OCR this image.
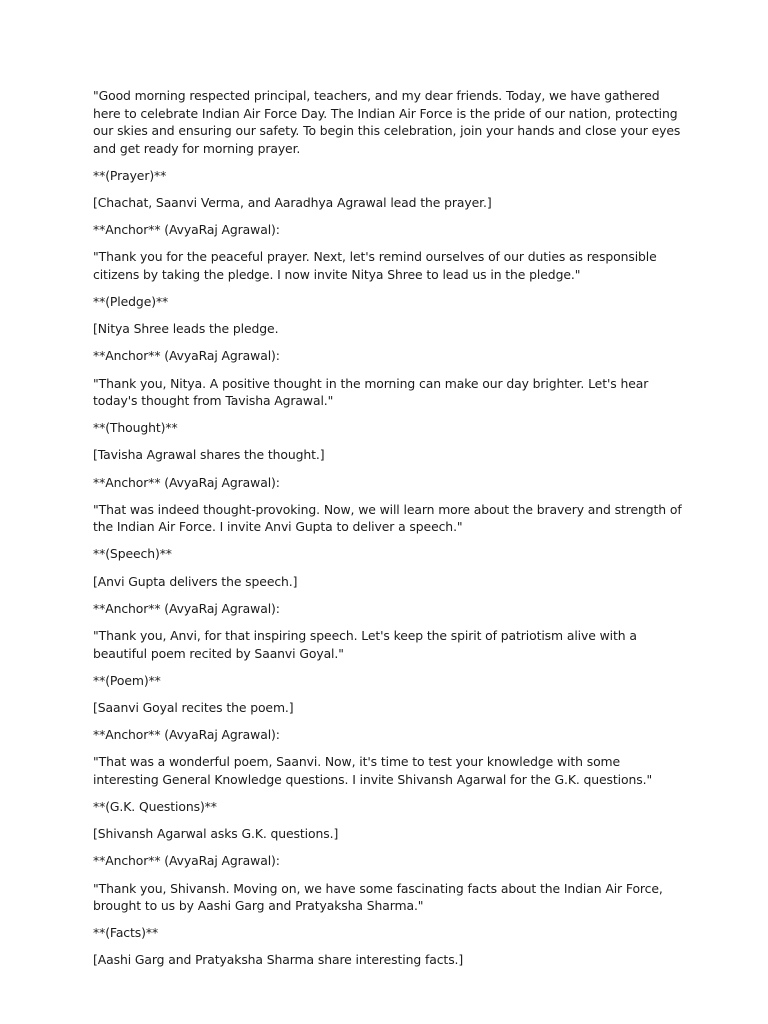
"Good morning respected principal, teachers, and my dear friends. Today, we have gathered here to celebrate Indian Air Force Day. The Indian Air Force is the pride of our nation, protecting our skies and ensuring our safety. To begin this celebration, join your hands and close your eyes and get ready for morning prayer.

**(Prayer)**

[Chachat, Saanvi Verma, and Aaradhya Agrawal lead the prayer.]

**Anchor** (AvyaRaj Agrawal):

"Thank you for the peaceful prayer. Next, let's remind ourselves of our duties as responsible citizens by taking the pledge. I now invite Nitya Shree to lead us in the pledge."

**(Pledge)**

[Nitya Shree leads the pledge.

**Anchor** (AvyaRaj Agrawal):

"Thank you, Nitya. A positive thought in the morning can make our day brighter. Let's hear today's thought from Tavisha Agrawal."

**(Thought)**

[Tavisha Agrawal shares the thought.]

**Anchor** (AvyaRaj Agrawal):

"That was indeed thought-provoking. Now, we will learn more about the bravery and strength of the Indian Air Force. I invite Anvi Gupta to deliver a speech."

**(Speech)**

[Anvi Gupta delivers the speech.]

**Anchor** (AvyaRaj Agrawal):

"Thank you, Anvi, for that inspiring speech. Let's keep the spirit of patriotism alive with a beautiful poem recited by Saanvi Goyal."

**(Poem)**

[Saanvi Goyal recites the poem.]

**Anchor** (AvyaRaj Agrawal):

"That was a wonderful poem, Saanvi. Now, it's time to test your knowledge with some interesting General Knowledge questions. I invite Shivansh Agarwal for the G.K. questions."

**(G.K. Questions)**

[Shivansh Agarwal asks G.K. questions.]

**Anchor** (AvyaRaj Agrawal):

"Thank you, Shivansh. Moving on, we have some fascinating facts about the Indian Air Force, brought to us by Aashi Garg and Pratyaksha Sharma."

**(Facts)**

[Aashi Garg and Pratyaksha Sharma share interesting facts.]
